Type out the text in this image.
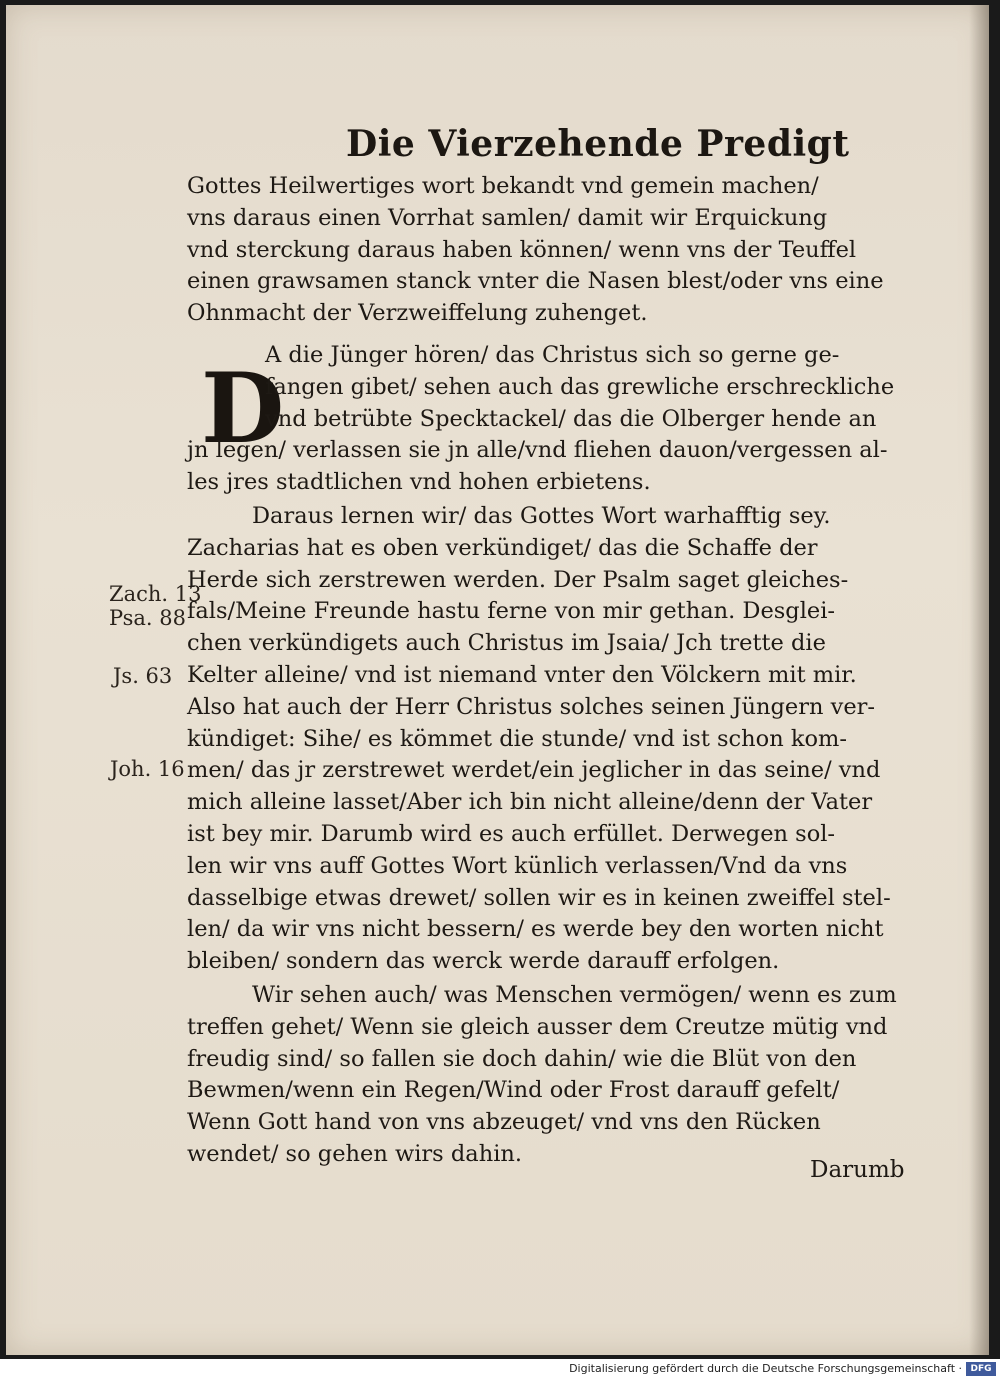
Die Vierzehende Predigt
D
Zach. 13
Psa. 88
Js. 63
Joh. 16
Gottes Heilwertiges wort bekandt vnd gemein machen/
vns daraus einen Vorrhat samlen/ damit wir Erquickung
vnd sterckung daraus haben können/ wenn vns der Teuffel
einen grawsamen stanck vnter die Nasen blest/oder vns eine
Ohnmacht der Verzweiffelung zuhenget.
A die Jünger hören/ das Christus sich so gerne ge-
fangen gibet/ sehen auch das grewliche erschreckliche
vnd betrübte Specktackel/ das die Olberger hende an
jn legen/ verlassen sie jn alle/vnd fliehen dauon/vergessen al-
les jres stadtlichen vnd hohen erbietens.
Daraus lernen wir/ das Gottes Wort warhafftig sey.
Zacharias hat es oben verkündiget/ das die Schaffe der
Herde sich zerstrewen werden. Der Psalm saget gleiches-
fals/Meine Freunde hastu ferne von mir gethan. Desglei-
chen verkündigets auch Christus im Jsaia/ Jch trette die
Kelter alleine/ vnd ist niemand vnter den Völckern mit mir.
Also hat auch der Herr Christus solches seinen Jüngern ver-
kündiget: Sihe/ es kömmet die stunde/ vnd ist schon kom-
men/ das jr zerstrewet werdet/ein jeglicher in das seine/ vnd
mich alleine lasset/Aber ich bin nicht alleine/denn der Vater
ist bey mir. Darumb wird es auch erfüllet. Derwegen sol-
len wir vns auff Gottes Wort künlich verlassen/Vnd da vns
dasselbige etwas drewet/ sollen wir es in keinen zweiffel stel-
len/ da wir vns nicht bessern/ es werde bey den worten nicht
bleiben/ sondern das werck werde darauff erfolgen.
Wir sehen auch/ was Menschen vermögen/ wenn es zum
treffen gehet/ Wenn sie gleich ausser dem Creutze mütig vnd
freudig sind/ so fallen sie doch dahin/ wie die Blüt von den
Bewmen/wenn ein Regen/Wind oder Frost darauff gefelt/
Wenn Gott hand von vns abzeuget/ vnd vns den Rücken
wendet/ so gehen wirs dahin.
Darumb
Digitalisierung gefördert durch die Deutsche Forschungsgemeinschaft · DFG
